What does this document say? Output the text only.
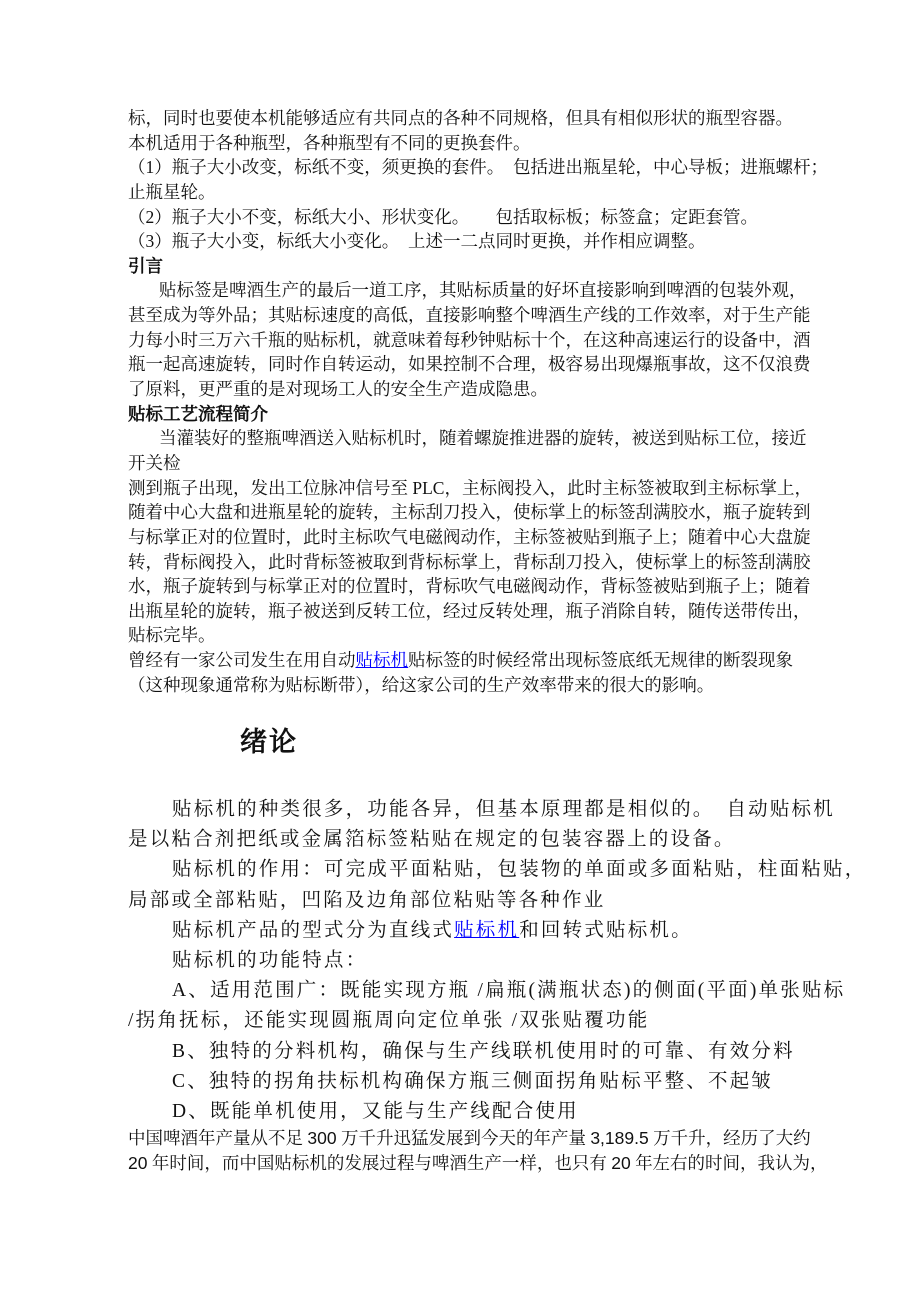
标，同时也要使本机能够适应有共同点的各种不同规格，但具有相似形状的瓶型容器。
本机适用于各种瓶型，各种瓶型有不同的更换套件。
（1）瓶子大小改变，标纸不变，须更换的套件。　包括进出瓶星轮，中心导板；进瓶螺杆；
止瓶星轮。
（2）瓶子大小不变，标纸大小、形状变化。　　包括取标板；标签盒；定距套管。
（3）瓶子大小变，标纸大小变化。　上述一二点同时更换，并作相应调整。
引言
贴标签是啤酒生产的最后一道工序，其贴标质量的好坏直接影响到啤酒的包装外观，
甚至成为等外品；其贴标速度的高低，直接影响整个啤酒生产线的工作效率，对于生产能
力每小时三万六千瓶的贴标机，就意味着每秒钟贴标十个，在这种高速运行的设备中，酒
瓶一起高速旋转，同时作自转运动，如果控制不合理，极容易出现爆瓶事故，这不仅浪费
了原料，更严重的是对现场工人的安全生产造成隐患。
贴标工艺流程简介
当灌装好的整瓶啤酒送入贴标机时，随着螺旋推进器的旋转，被送到贴标工位，接近
开关检
测到瓶子出现，发出工位脉冲信号至 PLC，主标阀投入，此时主标签被取到主标标掌上，
随着中心大盘和进瓶星轮的旋转，主标刮刀投入，使标掌上的标签刮满胶水，瓶子旋转到
与标掌正对的位置时，此时主标吹气电磁阀动作，主标签被贴到瓶子上；随着中心大盘旋
转，背标阀投入，此时背标签被取到背标标掌上，背标刮刀投入，使标掌上的标签刮满胶
水，瓶子旋转到与标掌正对的位置时，背标吹气电磁阀动作，背标签被贴到瓶子上；随着
出瓶星轮的旋转，瓶子被送到反转工位，经过反转处理，瓶子消除自转，随传送带传出，
贴标完毕。
曾经有一家公司发生在用自动贴标机贴标签的时候经常出现标签底纸无规律的断裂现象
（这种现象通常称为贴标断带），给这家公司的生产效率带来的很大的影响。
绪论
贴标机的种类很多，功能各异，但基本原理都是相似的。　自动贴标机
是以粘合剂把纸或金属箔标签粘贴在规定的包装容器上的设备。
贴标机的作用：可完成平面粘贴，包装物的单面或多面粘贴，柱面粘贴，
局部或全部粘贴，凹陷及边角部位粘贴等各种作业
贴标机产品的型式分为直线式贴标机和回转式贴标机。
贴标机的功能特点：
A、适用范围广：既能实现方瓶 /扁瓶(满瓶状态)的侧面(平面)单张贴标
/拐角抚标，还能实现圆瓶周向定位单张 /双张贴覆功能
B、独特的分料机构，确保与生产线联机使用时的可靠、有效分料
C、独特的拐角扶标机构确保方瓶三侧面拐角贴标平整、不起皱
D、既能单机使用，又能与生产线配合使用
中国啤酒年产量从不足 300 万千升迅猛发展到今天的年产量 3,189.5 万千升，经历了大约
20 年时间，而中国贴标机的发展过程与啤酒生产一样，也只有 20 年左右的时间，我认为，
